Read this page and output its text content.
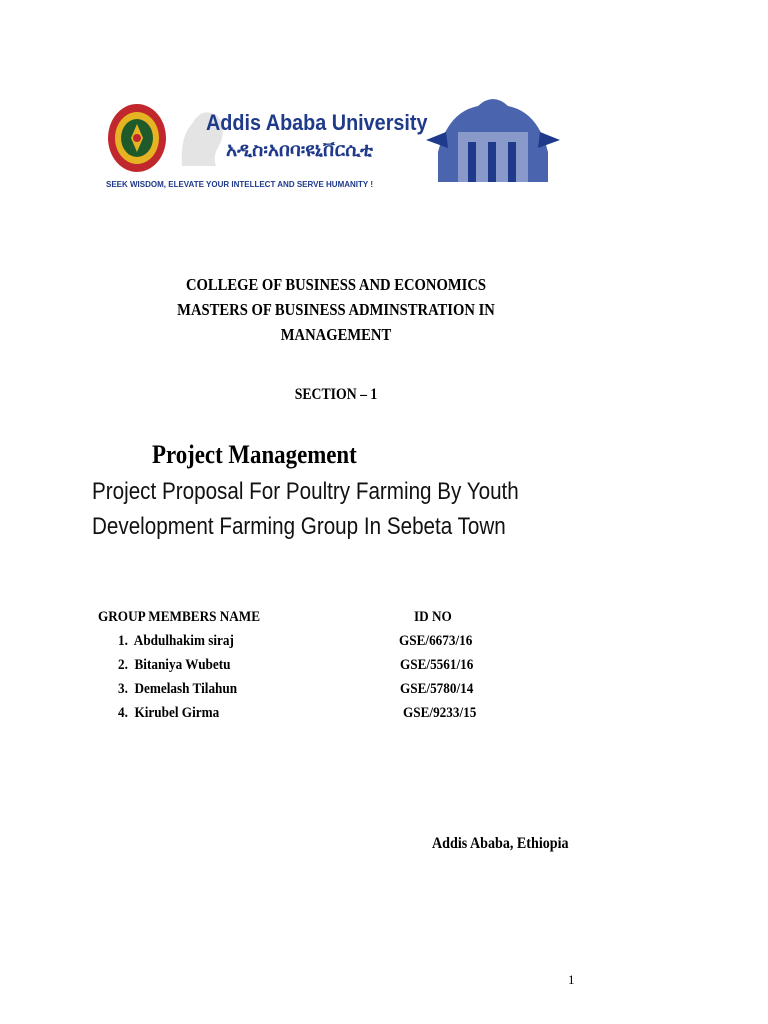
Addis Ababa University
አዲስ፡አበባ፡ዩኒቨርሲቲ
SEEK WISDOM, ELEVATE YOUR INTELLECT AND SERVE HUMANITY !
COLLEGE OF BUSINESS AND ECONOMICS
MASTERS OF BUSINESS ADMINSTRATION IN
MANAGEMENT
SECTION – 1
Project Management
Project Proposal For Poultry Farming By Youth
Development Farming Group In Sebeta Town
GROUP MEMBERS NAME	ID NO
1. Abdulhakim siraj	GSE/6673/16
2. Bitaniya Wubetu	GSE/5561/16
3. Demelash Tilahun	GSE/5780/14
4. Kirubel Girma	GSE/9233/15
Addis Ababa, Ethiopia
1
